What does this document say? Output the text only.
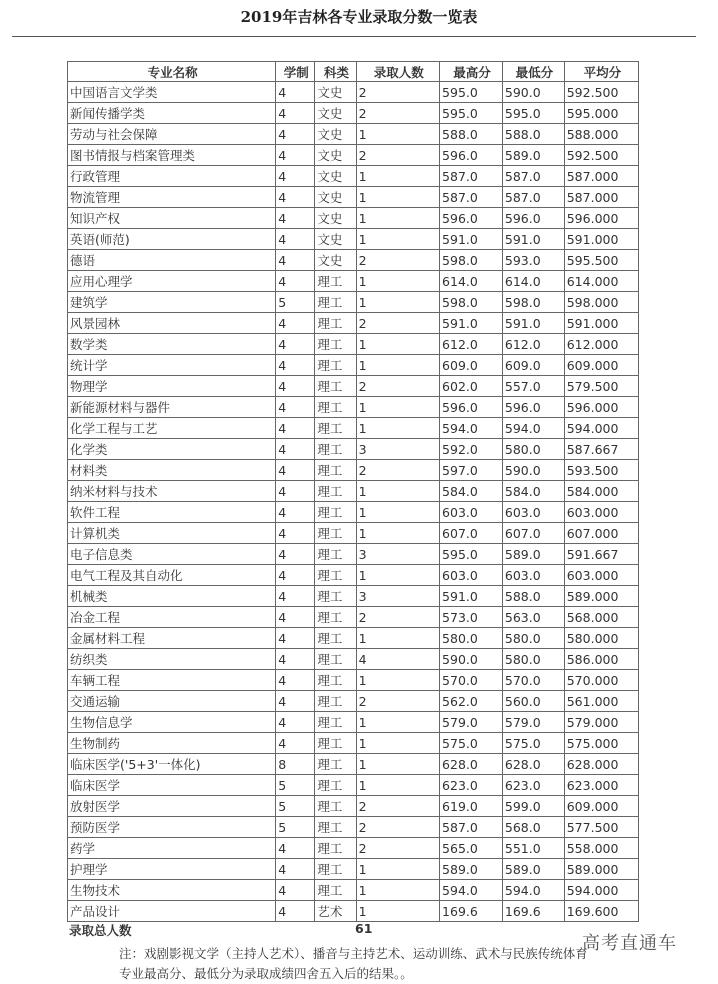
2019年吉林各专业录取分数一览表
专业名称	学制	科类	录取人数	最高分	最低分	平均分
中国语言文学类	4	文史	2	595.0	590.0	592.500
新闻传播学类	4	文史	2	595.0	595.0	595.000
劳动与社会保障	4	文史	1	588.0	588.0	588.000
图书情报与档案管理类	4	文史	2	596.0	589.0	592.500
行政管理	4	文史	1	587.0	587.0	587.000
物流管理	4	文史	1	587.0	587.0	587.000
知识产权	4	文史	1	596.0	596.0	596.000
英语(师范)	4	文史	1	591.0	591.0	591.000
德语	4	文史	2	598.0	593.0	595.500
应用心理学	4	理工	1	614.0	614.0	614.000
建筑学	5	理工	1	598.0	598.0	598.000
风景园林	4	理工	2	591.0	591.0	591.000
数学类	4	理工	1	612.0	612.0	612.000
统计学	4	理工	1	609.0	609.0	609.000
物理学	4	理工	2	602.0	557.0	579.500
新能源材料与器件	4	理工	1	596.0	596.0	596.000
化学工程与工艺	4	理工	1	594.0	594.0	594.000
化学类	4	理工	3	592.0	580.0	587.667
材料类	4	理工	2	597.0	590.0	593.500
纳米材料与技术	4	理工	1	584.0	584.0	584.000
软件工程	4	理工	1	603.0	603.0	603.000
计算机类	4	理工	1	607.0	607.0	607.000
电子信息类	4	理工	3	595.0	589.0	591.667
电气工程及其自动化	4	理工	1	603.0	603.0	603.000
机械类	4	理工	3	591.0	588.0	589.000
冶金工程	4	理工	2	573.0	563.0	568.000
金属材料工程	4	理工	1	580.0	580.0	580.000
纺织类	4	理工	4	590.0	580.0	586.000
车辆工程	4	理工	1	570.0	570.0	570.000
交通运输	4	理工	2	562.0	560.0	561.000
生物信息学	4	理工	1	579.0	579.0	579.000
生物制药	4	理工	1	575.0	575.0	575.000
临床医学('5+3'一体化)	8	理工	1	628.0	628.0	628.000
临床医学	5	理工	1	623.0	623.0	623.000
放射医学	5	理工	2	619.0	599.0	609.000
预防医学	5	理工	2	587.0	568.0	577.500
药学	4	理工	2	565.0	551.0	558.000
护理学	4	理工	1	589.0	589.0	589.000
生物技术	4	理工	1	594.0	594.0	594.000
产品设计	4	艺术	1	169.6	169.6	169.600
录取总人数	61
注：戏剧影视文学（主持人艺术）、播音与主持艺术、运动训练、武术与民族传统体育专业最高分、最低分为录取成绩四舍五入后的结果。。
高考直通车
